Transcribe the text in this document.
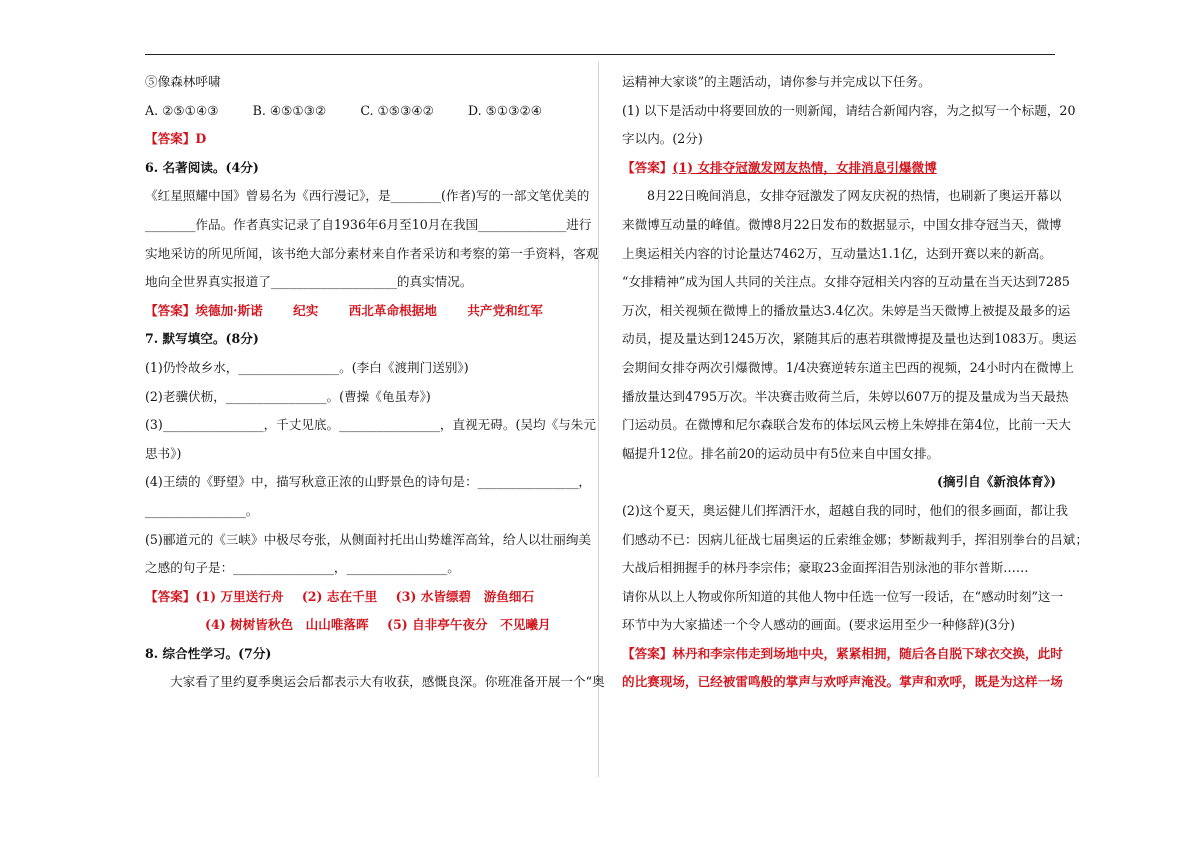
⑤像森林呼啸
A. ②⑤①④③	B. ④⑤①③②	C. ①⑤③④②	D. ⑤①③②④
【答案】D
6. 名著阅读。(4分)
《红星照耀中国》曾易名为《西行漫记》，是________(作者)写的一部文笔优美的
________作品。作者真实记录了自1936年6月至10月在我国______________进行
实地采访的所见所闻，该书绝大部分素材来自作者采访和考察的第一手资料，客观
地向全世界真实报道了____________________的真实情况。
【答案】埃德加·斯诺 纪实 西北革命根据地 共产党和红军
7. 默写填空。(8分)
(1)仍怜故乡水，________________。(李白《渡荆门送别》)
(2)老骥伏枥，________________。(曹操《龟虽寿》)
(3)________________，千丈见底。________________，直视无碍。(吴均《与朱元
思书》)
(4)王绩的《野望》中，描写秋意正浓的山野景色的诗句是：________________，
________________。
(5)郦道元的《三峡》中极尽夸张，从侧面衬托出山势雄浑高耸，给人以壮丽绚美
之感的句子是：________________，________________。
【答案】(1) 万里送行舟 (2) 志在千里 (3) 水皆缥碧　游鱼细石
(4) 树树皆秋色　山山唯落晖 (5) 自非亭午夜分　不见曦月
8. 综合性学习。(7分)
大家看了里约夏季奥运会后都表示大有收获，感慨良深。你班准备开展一个“奥
运精神大家谈”的主题活动，请你参与并完成以下任务。
(1) 以下是活动中将要回放的一则新闻，请结合新闻内容，为之拟写一个标题，20
字以内。(2分)
【答案】(1) 女排夺冠激发网友热情，女排消息引爆微博
8月22日晚间消息，女排夺冠激发了网友庆祝的热情，也刷新了奥运开幕以
来微博互动量的峰值。微博8月22日发布的数据显示，中国女排夺冠当天，微博
上奥运相关内容的讨论量达7462万，互动量达1.1亿，达到开赛以来的新高。
“女排精神”成为国人共同的关注点。女排夺冠相关内容的互动量在当天达到7285
万次，相关视频在微博上的播放量达3.4亿次。朱婷是当天微博上被提及最多的运
动员，提及量达到1245万次，紧随其后的惠若琪微博提及量也达到1083万。奥运
会期间女排夺两次引爆微博。1/4决赛逆转东道主巴西的视频，24小时内在微博上
播放量达到4795万次。半决赛击败荷兰后，朱婷以607万的提及量成为当天最热
门运动员。在微博和尼尔森联合发布的体坛风云榜上朱婷排在第4位，比前一天大
幅提升12位。排名前20的运动员中有5位来自中国女排。
(摘引自《新浪体育》)
(2)这个夏天，奥运健儿们挥洒汗水，超越自我的同时，他们的很多画面，都让我
们感动不已：因病儿征战七届奥运的丘索维金娜；梦断裁判手，挥泪别拳台的吕斌；
大战后相拥握手的林丹李宗伟；豪取23金面挥泪告别泳池的菲尔普斯……
请你从以上人物或你所知道的其他人物中任选一位写一段话，在“感动时刻”这一
环节中为大家描述一个令人感动的画面。(要求运用至少一种修辞)(3分)
【答案】林丹和李宗伟走到场地中央，紧紧相拥，随后各自脱下球衣交换，此时
的比赛现场，已经被雷鸣般的掌声与欢呼声淹没。掌声和欢呼，既是为这样一场
